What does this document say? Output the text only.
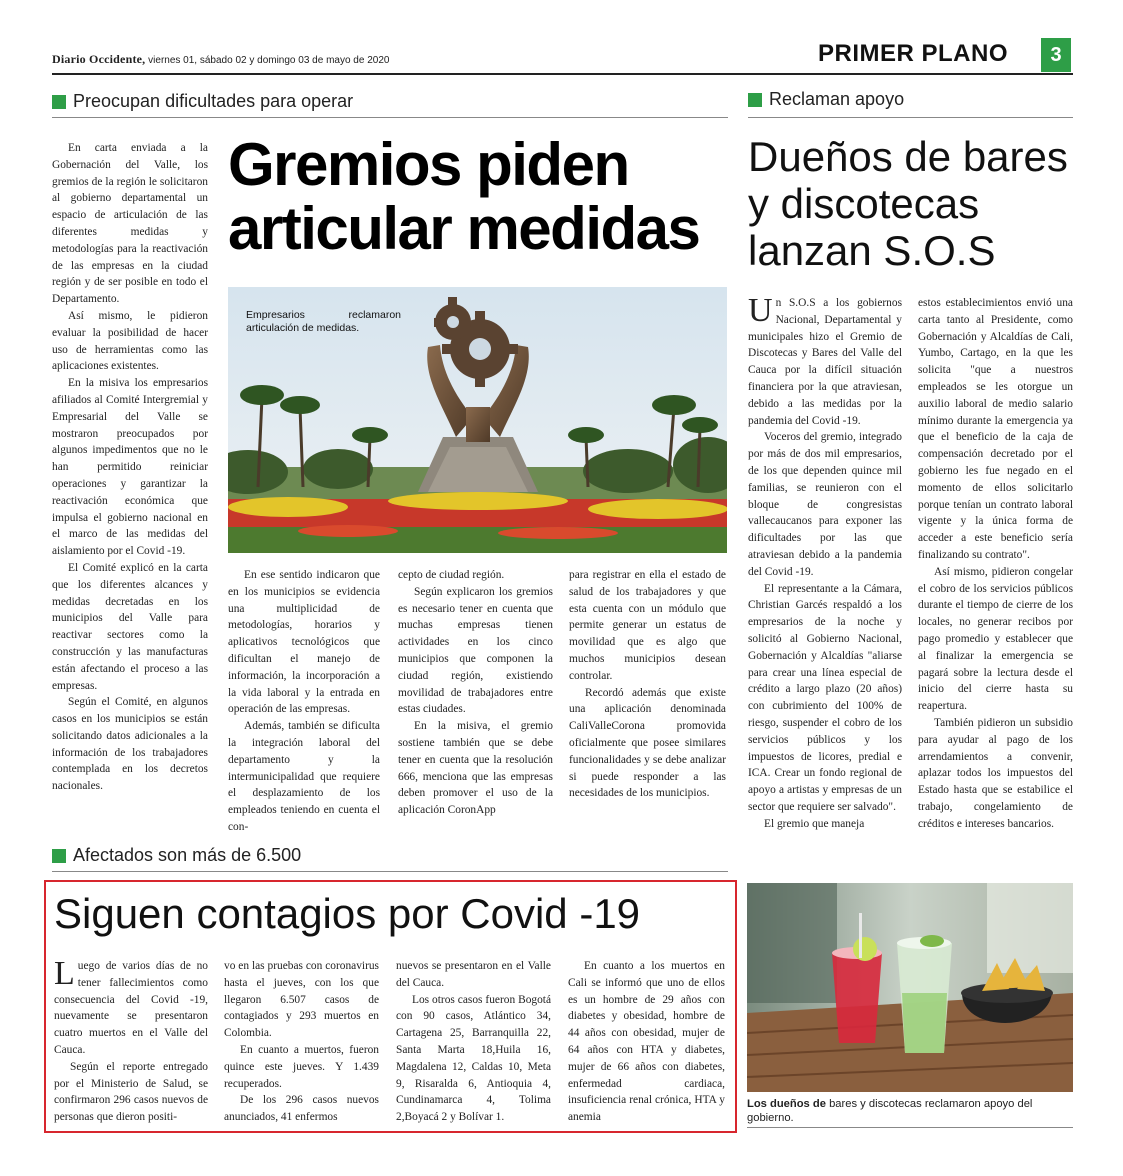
Diario Occidente, viernes 01, sábado 02 y domingo 03 de mayo de 2020	PRIMER PLANO	3
Preocupan dificultades para operar

En carta enviada a la Gobernación del Valle, los gremios de la región le solicitaron al gobierno departamental un espacio de articulación de las diferentes medidas y metodologías para la reactivación de las empresas en la ciudad región y de ser posible en todo el Departamento.

Así mismo, le pidieron evaluar la posibilidad de hacer uso de herramientas como las aplicaciones existentes.

En la misiva los empresarios afiliados al Comité Intergremial y Empresarial del Valle se mostraron preocupados por algunos impedimentos que no le han permitido reiniciar operaciones y garantizar la reactivación económica que impulsa el gobierno nacional en el marco de las medidas del aislamiento por el Covid -19.

El Comité explicó en la carta que los diferentes alcances y medidas decretadas en los municipios del Valle para reactivar sectores como la construcción y las manufacturas están afectando el proceso a las empresas.

Según el Comité, en algunos casos en los municipios se están solicitando datos adicionales a la información de los trabajadores contemplada en los decretos nacionales.

Gremios piden
articular medidas
Empresarios reclamaron articulación de medidas.

En ese sentido indicaron que en los municipios se evidencia una multiplicidad de metodologías, horarios y aplicativos tecnológicos que dificultan el manejo de información, la incorporación a la vida laboral y la entrada en operación de las empresas.

Además, también se dificulta la integración laboral del departamento y la intermunicipalidad que requiere el desplazamiento de los empleados teniendo en cuenta el con-

cepto de ciudad región.

Según explicaron los gremios es necesario tener en cuenta que muchas empresas tienen actividades en los cinco municipios que componen la ciudad región, existiendo movilidad de trabajadores entre estas ciudades.

En la misiva, el gremio sostiene también que se debe tener en cuenta que la resolución 666, menciona que las empresas deben promover el uso de la aplicación CoronApp

para registrar en ella el estado de salud de los trabajadores y que esta cuenta con un módulo que permite generar un estatus de movilidad que es algo que muchos municipios desean controlar.

Recordó además que existe una aplicación denominada CaliValleCorona promovida oficialmente que posee similares funcionalidades y se debe analizar si puede responder a las necesidades de los municipios.

Reclaman apoyo
Dueños de bares
y discotecas
lanzan S.O.S

Un S.O.S a los gobiernos Nacional, Departamental y municipales hizo el Gremio de Discotecas y Bares del Valle del Cauca por la difícil situación financiera por la que atraviesan, debido a las medidas por la pandemia del Covid -19.

Voceros del gremio, integrado por más de dos mil empresarios, de los que dependen quince mil familias, se reunieron con el bloque de congresistas vallecaucanos para exponer las dificultades por las que atraviesan debido a la pandemia del Covid -19.

El representante a la Cámara, Christian Garcés respaldó a los empresarios de la noche y solicitó al Gobierno Nacional, Gobernación y Alcaldías "aliarse para crear una línea especial de crédito a largo plazo (20 años) con cubrimiento del 100% de riesgo, suspender el cobro de los servicios públicos y los impuestos de licores, predial e ICA. Crear un fondo regional de apoyo a artistas y empresas de un sector que requiere ser salvado".

El gremio que maneja

estos establecimientos envió una carta tanto al Presidente, como Gobernación y Alcaldías de Cali, Yumbo, Cartago, en la que les solicita "que a nuestros empleados se les otorgue un auxilio laboral de medio salario mínimo durante la emergencia ya que el beneficio de la caja de compensación decretado por el gobierno les fue negado en el momento de ellos solicitarlo porque tenían un contrato laboral vigente y la única forma de acceder a este beneficio sería finalizando su contrato".

Así mismo, pidieron congelar el cobro de los servicios públicos durante el tiempo de cierre de los locales, no generar recibos por pago promedio y establecer que al finalizar la emergencia se pagará sobre la lectura desde el inicio del cierre hasta su reapertura.

También pidieron un subsidio para ayudar al pago de los arrendamientos a convenir, aplazar todos los impuestos del Estado hasta que se estabilice el trabajo, congelamiento de créditos e intereses bancarios.

Afectados son más de 6.500
Siguen contagios por Covid -19

Luego de varios días de no tener fallecimientos como consecuencia del Covid -19, nuevamente se presentaron cuatro muertos en el Valle del Cauca.

Según el reporte entregado por el Ministerio de Salud, se confirmaron 296 casos nuevos de personas que dieron positi-

vo en las pruebas con coronavirus hasta el jueves, con los que llegaron 6.507 casos de contagiados y 293 muertos en Colombia.

En cuanto a muertos, fueron quince este jueves. Y 1.439 recuperados.

De los 296 casos nuevos anunciados, 41 enfermos

nuevos se presentaron en el Valle del Cauca.

Los otros casos fueron Bogotá con 90 casos, Atlántico 34, Cartagena 25, Barranquilla 22, Santa Marta 18,Huila 16, Magdalena 12, Caldas 10, Meta 9, Risaralda 6, Antioquia 4, Cundinamarca 4, Tolima 2,Boyacá 2 y Bolívar 1.

En cuanto a los muertos en Cali se informó que uno de ellos es un hombre de 29 años con diabetes y obesidad, hombre de 44 años con obesidad, mujer de 64 años con HTA y diabetes, mujer de 66 años con diabetes, enfermedad cardiaca, insuficiencia renal crónica, HTA y anemia

Los dueños de bares y discotecas reclamaron apoyo del gobierno.
